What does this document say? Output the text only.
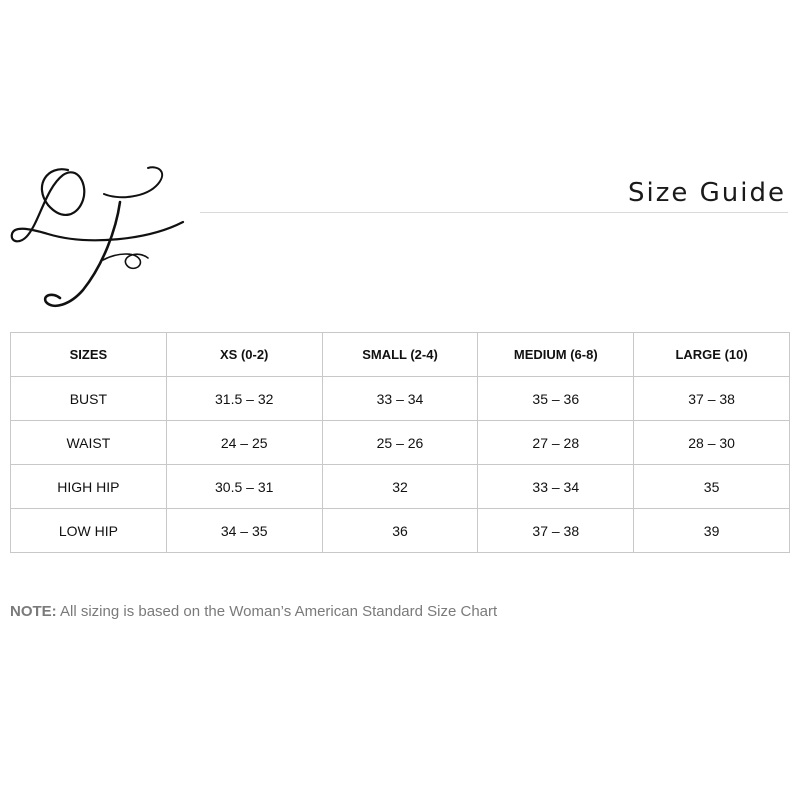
Size Guide
SIZES	XS (0-2)	SMALL (2-4)	MEDIUM (6-8)	LARGE (10)
BUST	31.5 – 32	33 – 34	35 – 36	37 – 38
WAIST	24 – 25	25 – 26	27 – 28	28 – 30
HIGH HIP	30.5 – 31	32	33 – 34	35
LOW HIP	34 – 35	36	37 – 38	39

NOTE: All sizing is based on the Woman’s American Standard Size Chart
